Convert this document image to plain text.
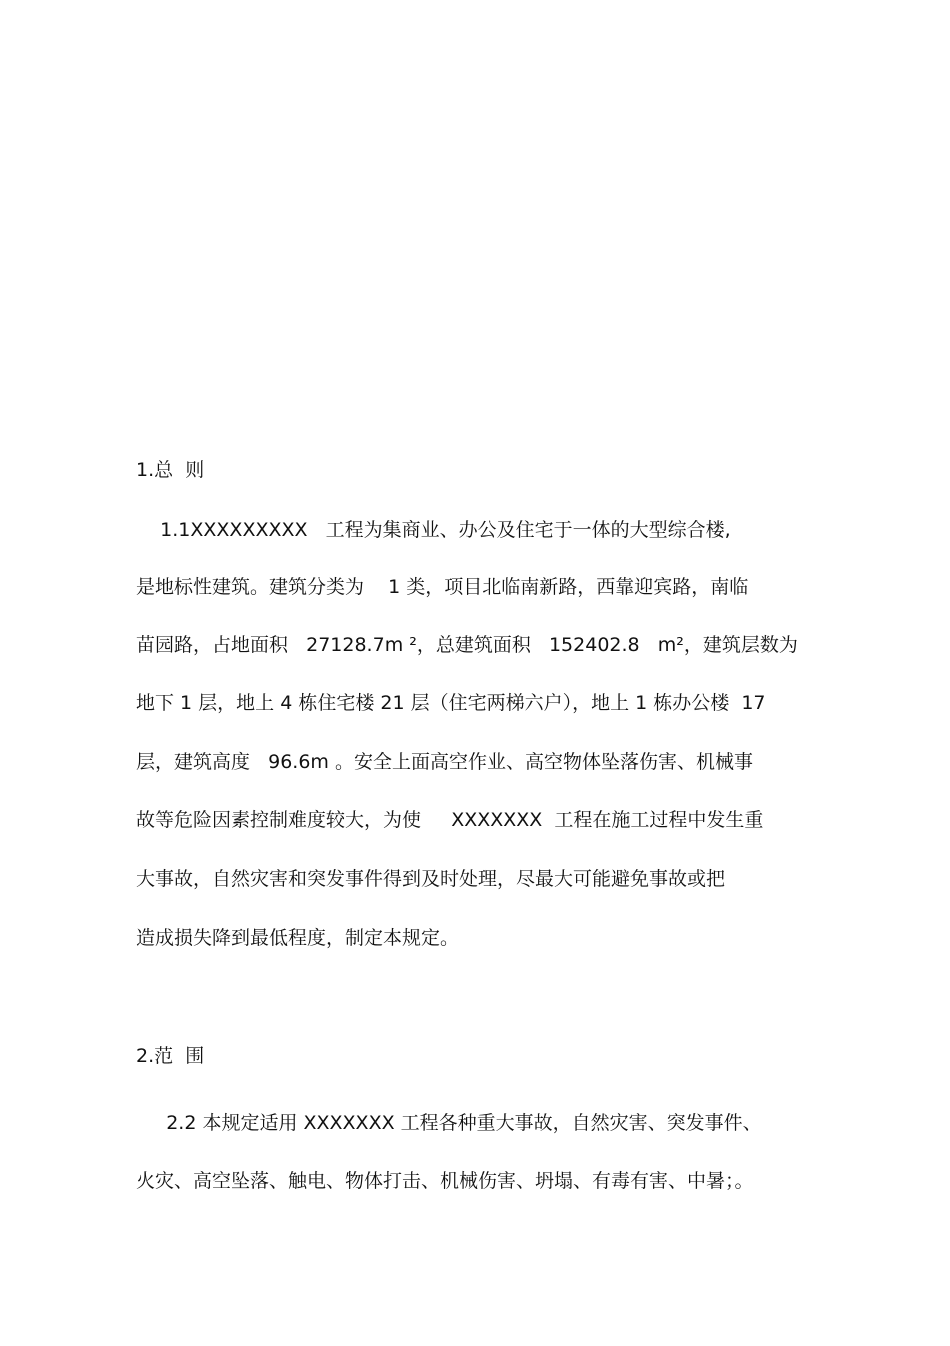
1.总  则
1.1XXXXXXXXX   工程为集商业、办公及住宅于一体的大型综合楼,
是地标性建筑。建筑分类为    1 类，项目北临南新路，西靠迎宾路，南临
苗园路，占地面积   27128.7m ²，总建筑面积   152402.8   m²，建筑层数为
地下 1 层，地上 4 栋住宅楼 21 层（住宅两梯六户），地上 1 栋办公楼  17
层，建筑高度   96.6m 。安全上面高空作业、高空物体坠落伤害、机械事
故等危险因素控制难度较大，为使     XXXXXXX  工程在施工过程中发生重
大事故，自然灾害和突发事件得到及时处理，尽最大可能避免事故或把
造成损失降到最低程度，制定本规定。
2.范  围
2.2 本规定适用 XXXXXXX 工程各种重大事故，自然灾害、突发事件、
火灾、高空坠落、触电、物体打击、机械伤害、坍塌、有毒有害、中暑；。
